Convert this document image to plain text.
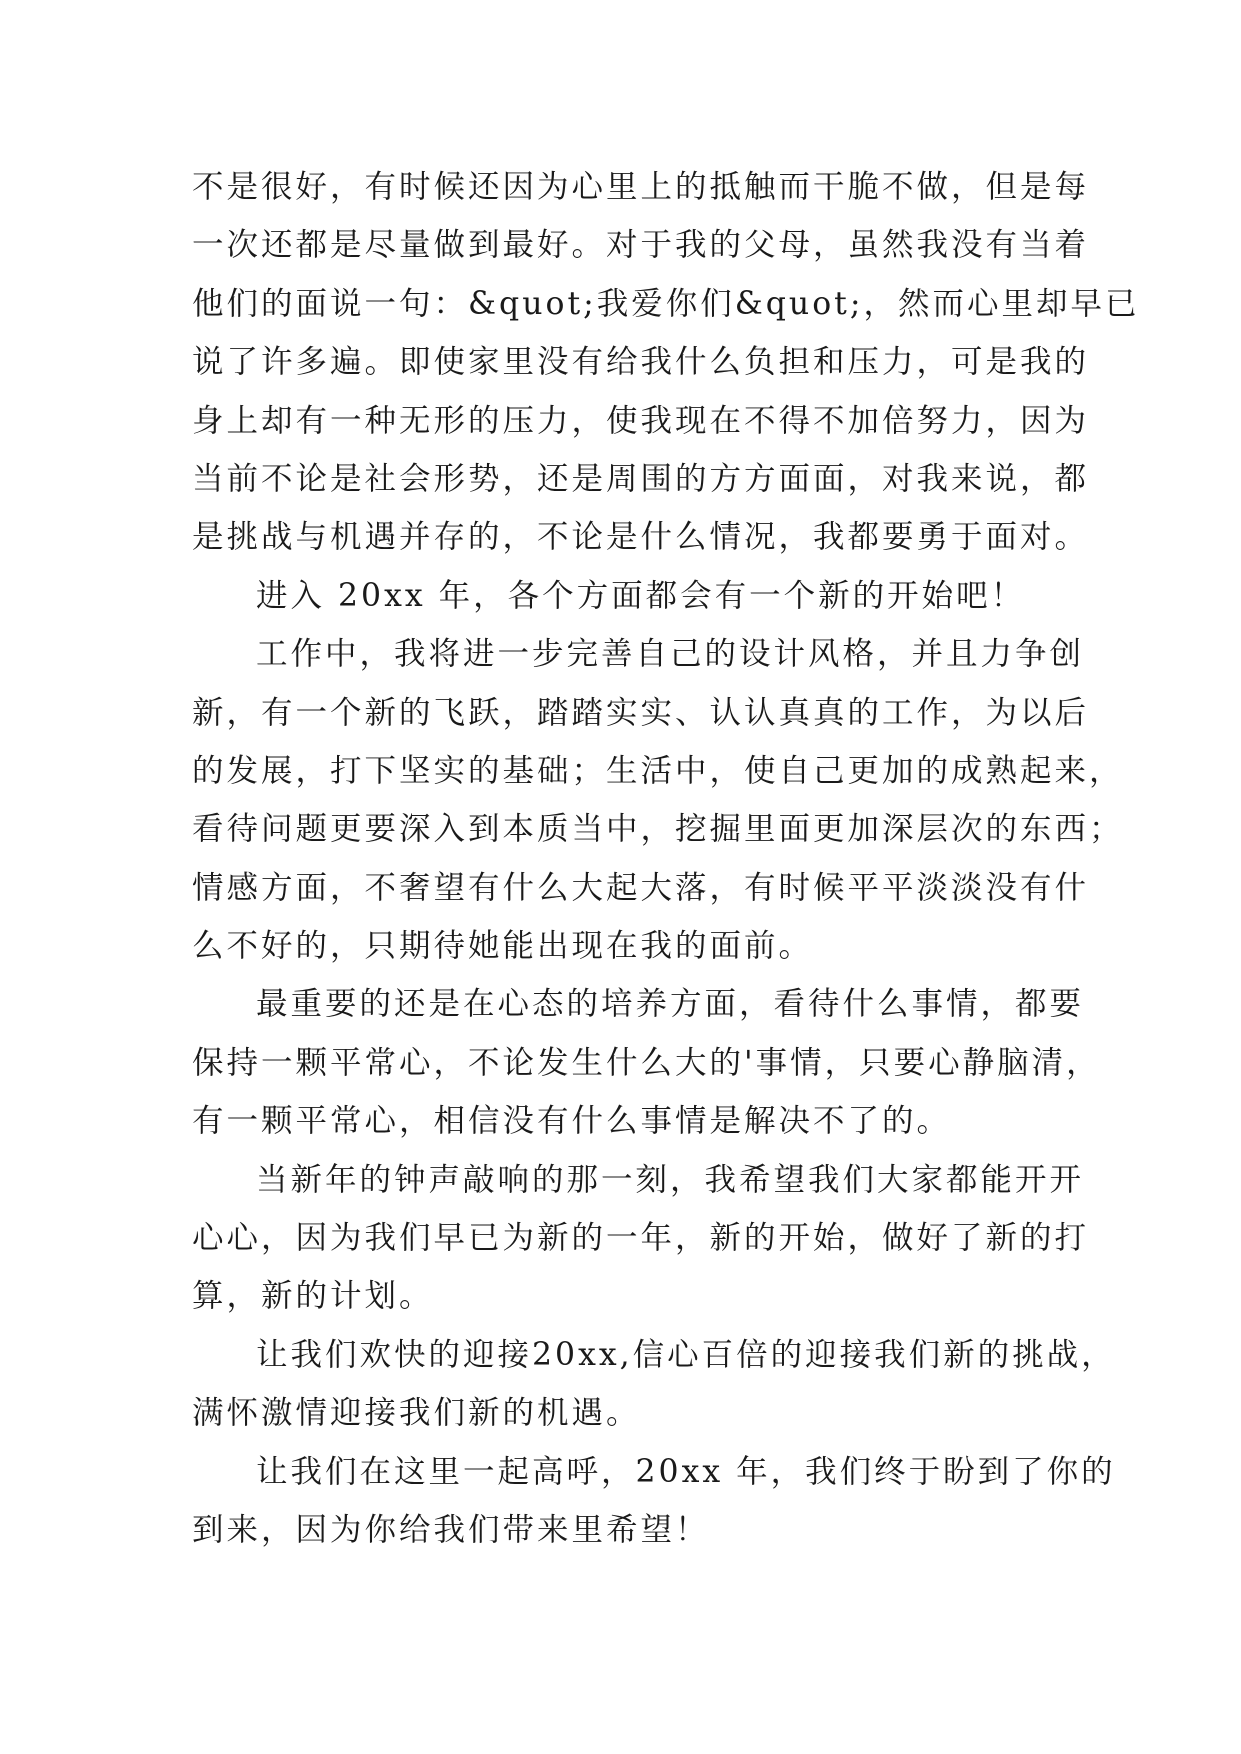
不是很好，有时候还因为心里上的抵触而干脆不做，但是每
一次还都是尽量做到最好。对于我的父母，虽然我没有当着
他们的面说一句：&quot;我爱你们&quot;，然而心里却早已
说了许多遍。即使家里没有给我什么负担和压力，可是我的
身上却有一种无形的压力，使我现在不得不加倍努力，因为
当前不论是社会形势，还是周围的方方面面，对我来说，都
是挑战与机遇并存的，不论是什么情况，我都要勇于面对。
进入 20xx 年，各个方面都会有一个新的开始吧！
工作中，我将进一步完善自己的设计风格，并且力争创
新，有一个新的飞跃，踏踏实实、认认真真的工作，为以后
的发展，打下坚实的基础；生活中，使自己更加的成熟起来，
看待问题更要深入到本质当中，挖掘里面更加深层次的东西；
情感方面，不奢望有什么大起大落，有时候平平淡淡没有什
么不好的，只期待她能出现在我的面前。
最重要的还是在心态的培养方面，看待什么事情，都要
保持一颗平常心，不论发生什么大的'事情，只要心静脑清，
有一颗平常心，相信没有什么事情是解决不了的。
当新年的钟声敲响的那一刻，我希望我们大家都能开开
心心，因为我们早已为新的一年，新的开始，做好了新的打
算，新的计划。
让我们欢快的迎接20xx,信心百倍的迎接我们新的挑战，
满怀激情迎接我们新的机遇。
让我们在这里一起高呼，20xx 年，我们终于盼到了你的
到来，因为你给我们带来里希望！
